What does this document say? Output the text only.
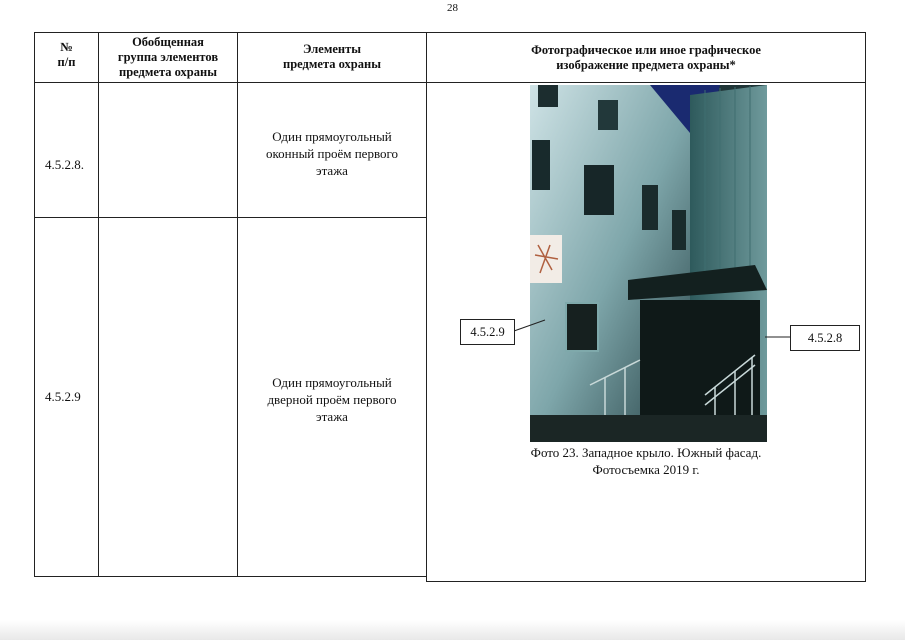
28
№
п/п
Обобщенная
группа элементов
предмета охраны
Элементы
предмета охраны
Фотографическое или иное графическое
изображение предмета охраны*
4.5.2.8.
Один прямоугольный
оконный проём первого
этажа
4.5.2.9
Один прямоугольный
дверной проём первого
этажа
4.5.2.9	4.5.2.8
Фото 23. Западное крыло. Южный фасад.
Фотосъемка 2019 г.
